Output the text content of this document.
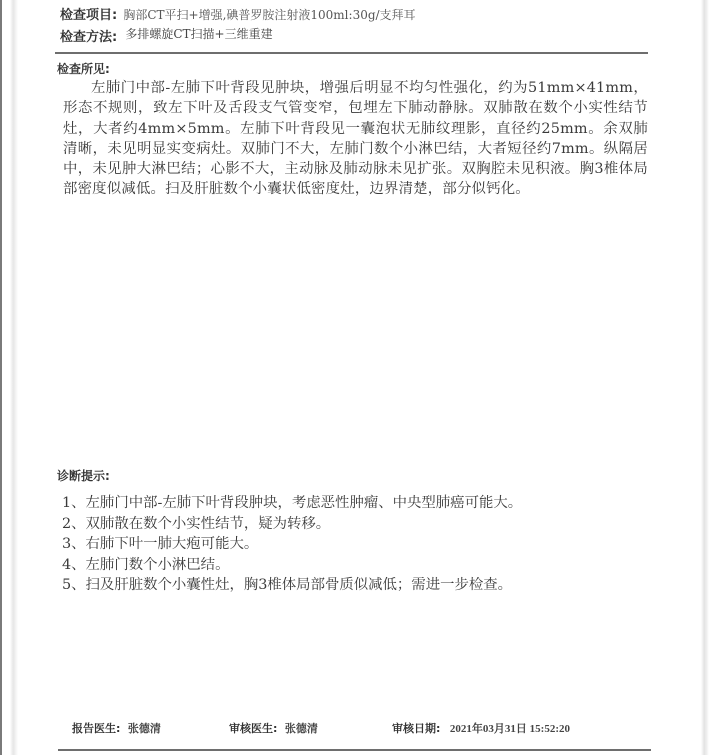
检查项目: 胸部CT平扫+增强,碘普罗胺注射液100ml:30g/支拜耳
检查方法: 多排螺旋CT扫描+三维重建
检查所见:

左肺门中部-左肺下叶背段见肿块，增强后明显不均匀性强化，约为51mm×41mm，形态不规则，致左下叶及舌段支气管变窄，包埋左下肺动静脉。双肺散在数个小实性结节灶，大者约4mm×5mm。左肺下叶背段见一囊泡状无肺纹理影，直径约25mm。余双肺清晰，未见明显实变病灶。双肺门不大，左肺门数个小淋巴结，大者短径约7mm。纵隔居中，未见肿大淋巴结；心影不大，主动脉及肺动脉未见扩张。双胸腔未见积液。胸3椎体局部密度似减低。扫及肝脏数个小囊状低密度灶，边界清楚，部分似钙化。

诊断提示:
1、左肺门中部-左肺下叶背段肿块，考虑恶性肿瘤、中央型肺癌可能大。
2、双肺散在数个小实性结节，疑为转移。
3、右肺下叶一肺大疱可能大。
4、左肺门数个小淋巴结。
5、扫及肝脏数个小囊性灶，胸3椎体局部骨质似减低；需进一步检查。
报告医生: 张德清	审核医生: 张德清	审核日期: 2021年03月31日 15:52:20
